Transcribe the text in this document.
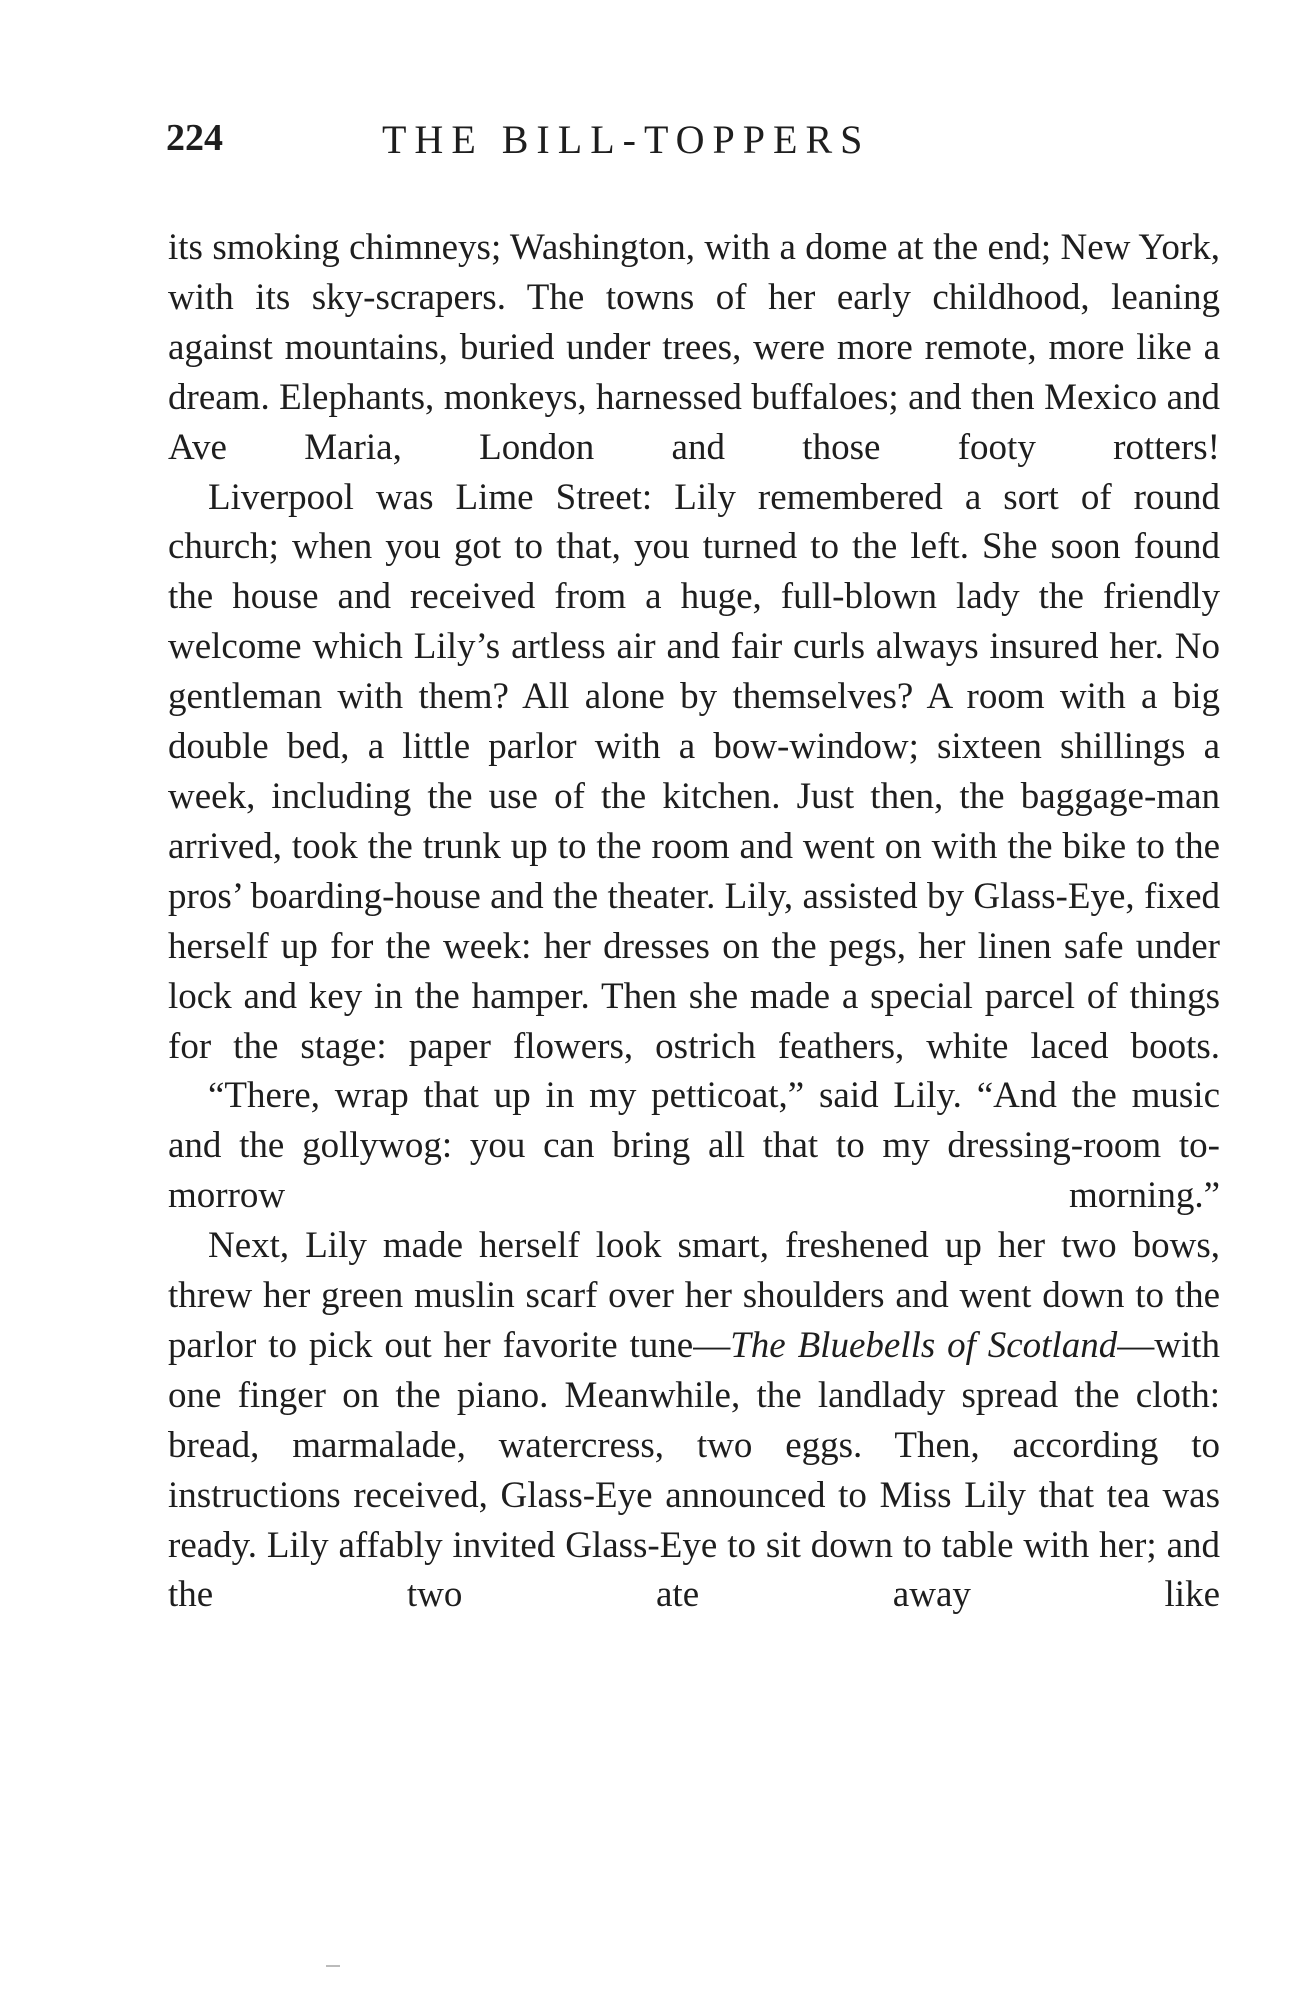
224	THE BILL-TOPPERS

its smoking chimneys; Washington, with a dome at the end; New York, with its sky-scrapers. The towns of her early childhood, leaning against mountains, buried under trees, were more remote, more like a dream. Elephants, monkeys, harnessed buffaloes; and then Mexico and Ave Maria, London and those footy rotters!

Liverpool was Lime Street: Lily remembered a sort of round church; when you got to that, you turned to the left. She soon found the house and received from a huge, full-blown lady the friendly welcome which Lily’s artless air and fair curls always insured her. No gentleman with them? All alone by themselves? A room with a big double bed, a little parlor with a bow-window; sixteen shillings a week, including the use of the kitchen. Just then, the baggage-man arrived, took the trunk up to the room and went on with the bike to the pros’ boarding-house and the theater. Lily, assisted by Glass-Eye, fixed herself up for the week: her dresses on the pegs, her linen safe under lock and key in the hamper. Then she made a special parcel of things for the stage: paper flowers, ostrich feathers, white laced boots.

“There, wrap that up in my petticoat,” said Lily. “And the music and the gollywog: you can bring all that to my dressing-room to-morrow morning.”

Next, Lily made herself look smart, freshened up her two bows, threw her green muslin scarf over her shoulders and went down to the parlor to pick out her favorite tune—The Bluebells of Scotland—with one finger on the piano. Meanwhile, the landlady spread the cloth: bread, marmalade, watercress, two eggs. Then, according to instructions received, Glass-Eye announced to Miss Lily that tea was ready. Lily affably invited Glass-Eye to sit down to table with her; and the two ate away like
